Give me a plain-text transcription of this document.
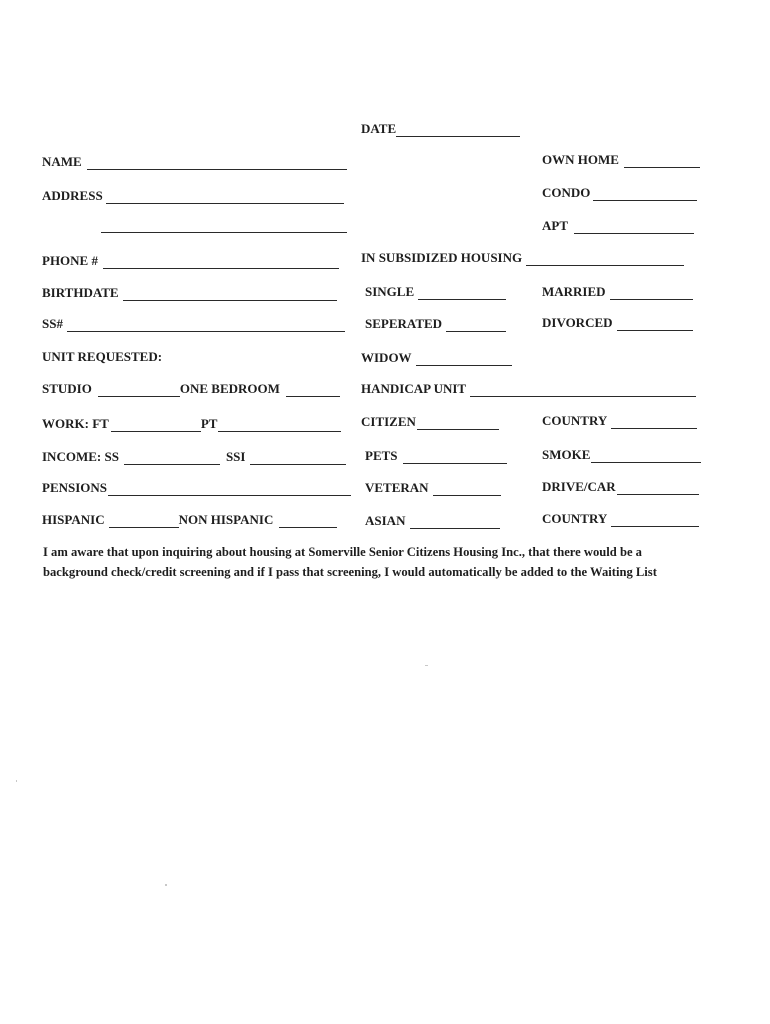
DATE
NAME	OWN HOME
ADDRESS	CONDO
APT
PHONE #	IN SUBSIDIZED HOUSING
BIRTHDATE	SINGLE	MARRIED
SS#	SEPERATED	DIVORCED
UNIT REQUESTED:	WIDOW
STUDIO	ONE BEDROOM	HANDICAP UNIT
WORK: FT	PT	CITIZEN	COUNTRY
INCOME: SS	SSI	PETS	SMOKE
PENSIONS	VETERAN	DRIVE/CAR
HISPANIC	NON HISPANIC	ASIAN	COUNTRY

I am aware that upon inquiring about housing at Somerville Senior Citizens Housing Inc., that there would be a

background check/credit screening and if I pass that screening, I would automatically be added to the Waiting List
